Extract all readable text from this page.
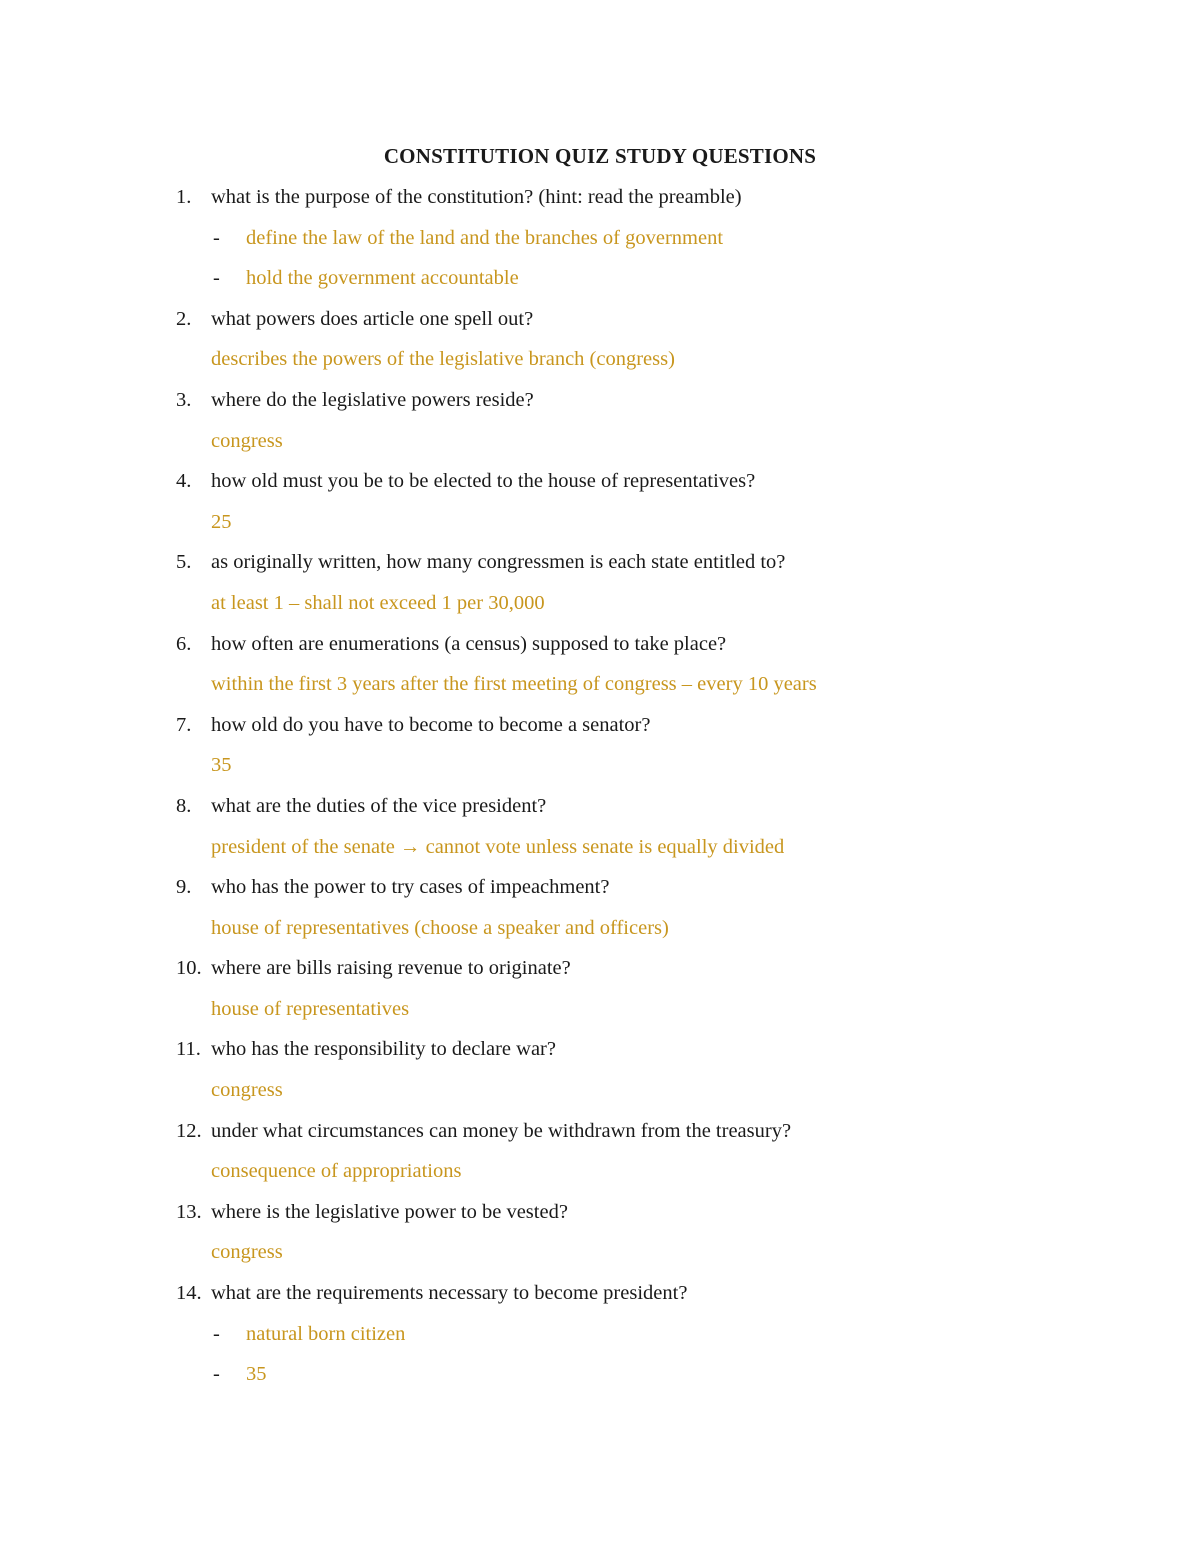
CONSTITUTION QUIZ STUDY QUESTIONS
1. what is the purpose of the constitution? (hint: read the preamble)
- define the law of the land and the branches of government
- hold the government accountable
2. what powers does article one spell out?
describes the powers of the legislative branch (congress)
3. where do the legislative powers reside?
congress
4. how old must you be to be elected to the house of representatives?
25
5. as originally written, how many congressmen is each state entitled to?
at least 1 – shall not exceed 1 per 30,000
6. how often are enumerations (a census) supposed to take place?
within the first 3 years after the first meeting of congress – every 10 years
7. how old do you have to become to become a senator?
35
8. what are the duties of the vice president?
president of the senate → cannot vote unless senate is equally divided
9. who has the power to try cases of impeachment?
house of representatives (choose a speaker and officers)
10. where are bills raising revenue to originate?
house of representatives
11. who has the responsibility to declare war?
congress
12. under what circumstances can money be withdrawn from the treasury?
consequence of appropriations
13. where is the legislative power to be vested?
congress
14. what are the requirements necessary to become president?
- natural born citizen
- 35
